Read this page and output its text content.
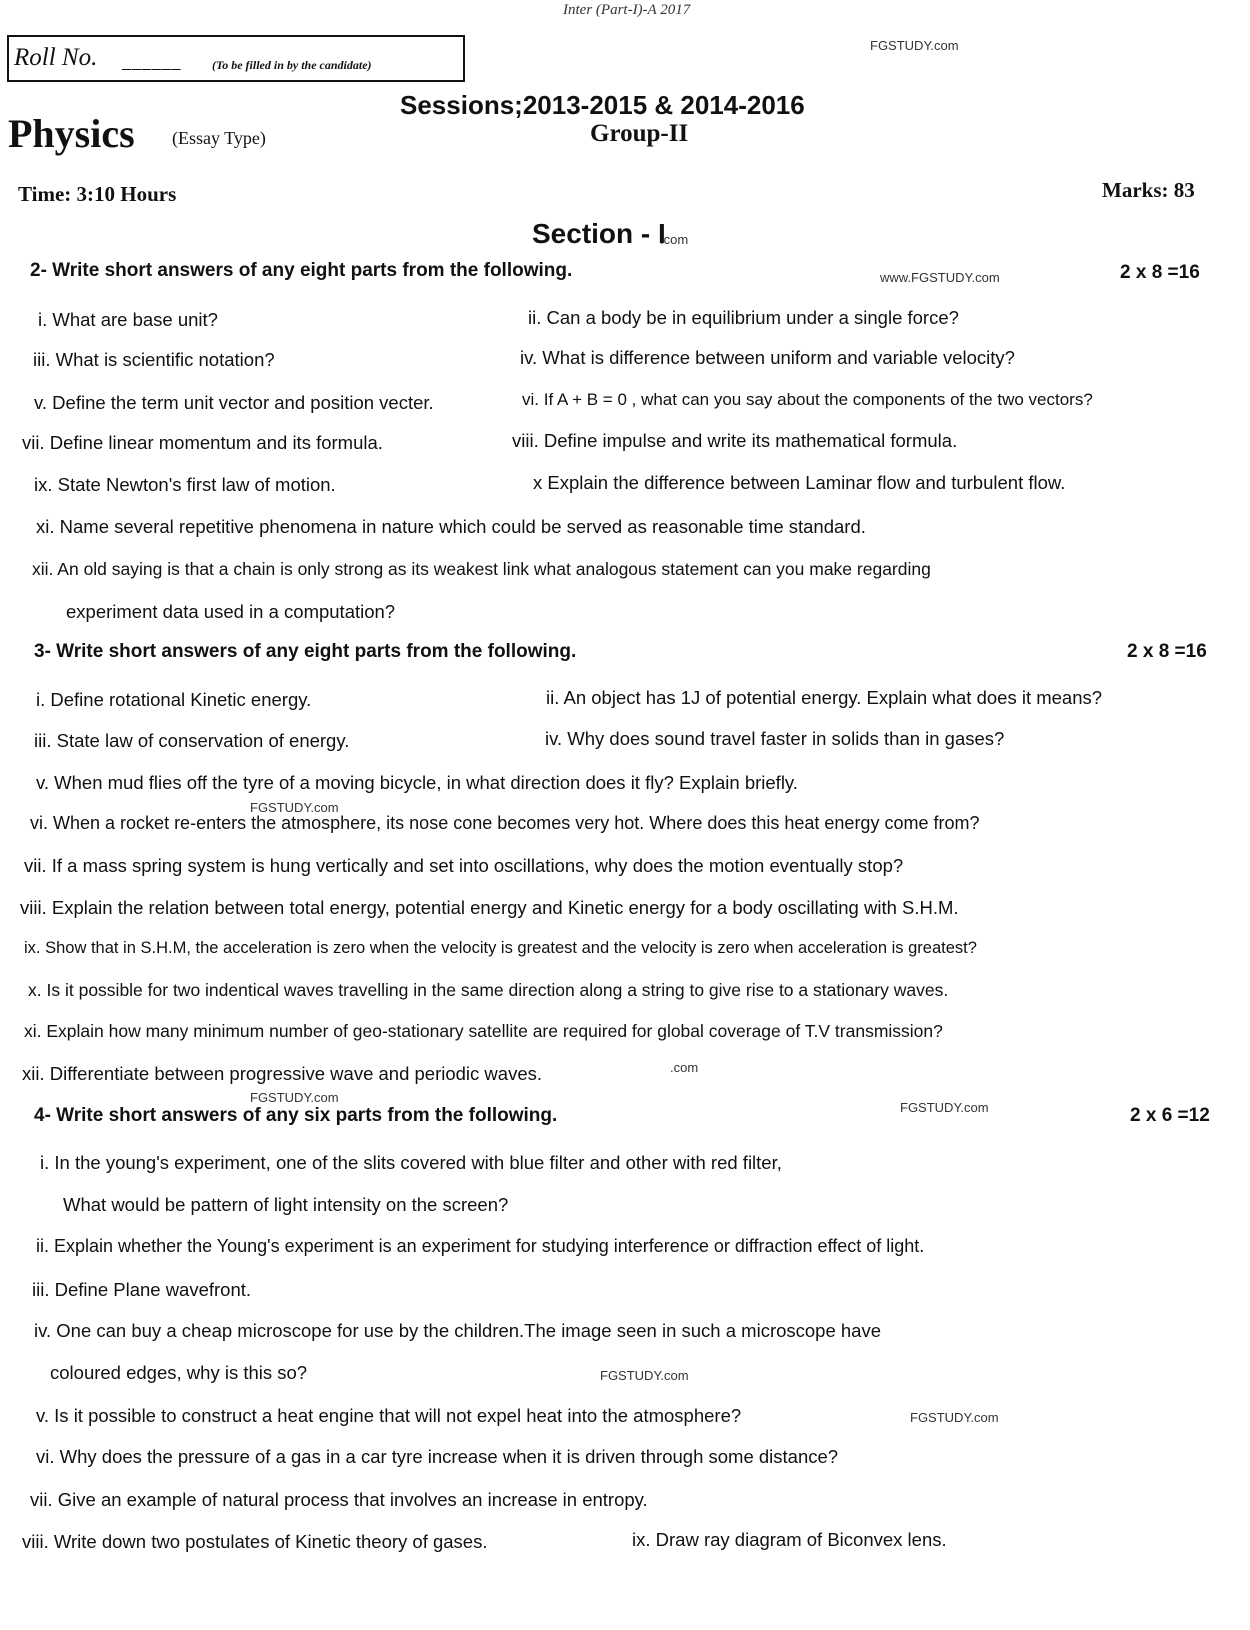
Inter (Part-I)-A 2017
Roll No. ______	(To be filled in by the candidate)
FGSTUDY.com
Sessions;2013-2015 & 2014-2016
Group-II
Physics (Essay Type)
Time: 3:10 Hours	Marks: 83
Section - I
.com
2- Write short answers of any eight parts from the following.	www.FGSTUDY.com	2 x 8 =16
i. What are base unit?	ii. Can a body be in equilibrium under a single force?
iii. What is scientific notation?	iv. What is difference between uniform and variable velocity?
v. Define the term unit vector and position vecter.	vi. If A + B = 0 , what can you say about the components of the two vectors?
vii. Define linear momentum and its formula.	viii. Define impulse and write its mathematical formula.
ix. State Newton's first law of motion.	x Explain the difference between Laminar flow and turbulent flow.
xi. Name several repetitive phenomena in nature which could be served as reasonable time standard.
xii. An old saying is that a chain is only strong as its weakest link what analogous statement can you make regarding
experiment data used in a computation?
3- Write short answers of any eight parts from the following.	2 x 8 =16
i. Define rotational Kinetic energy.	ii. An object has 1J of potential energy. Explain what does it means?
iii. State law of conservation of energy.	iv. Why does sound travel faster in solids than in gases?
v. When mud flies off the tyre of a moving bicycle, in what direction does it fly? Explain briefly.
FGSTUDY.com
vi. When a rocket re-enters the atmosphere, its nose cone becomes very hot. Where does this heat energy come from?
vii. If a mass spring system is hung vertically and set into oscillations, why does the motion eventually stop?
viii. Explain the relation between total energy, potential energy and Kinetic energy for a body oscillating with S.H.M.
ix. Show that in S.H.M, the acceleration is zero when the velocity is greatest and the velocity is zero when acceleration is greatest?
x. Is it possible for two indentical waves travelling in the same direction along a string to give rise to a stationary waves.
xi. Explain how many minimum number of geo-stationary satellite are required for global coverage of T.V transmission?
xii. Differentiate between progressive wave and periodic waves.	.com
FGSTUDY.com
4- Write short answers of any six parts from the following.	FGSTUDY.com	2 x 6 =12
i. In the young's experiment, one of the slits covered with blue filter and other with red filter,
What would be pattern of light intensity on the screen?
ii. Explain whether the Young's experiment is an experiment for studying interference or diffraction effect of light.
iii. Define Plane wavefront.
iv. One can buy a cheap microscope for use by the children.The image seen in such a microscope have
coloured edges, why is this so?	FGSTUDY.com
v. Is it possible to construct a heat engine that will not expel heat into the atmosphere?	FGSTUDY.com
vi. Why does the pressure of a gas in a car tyre increase when it is driven through some distance?
vii. Give an example of natural process that involves an increase in entropy.
viii. Write down two postulates of Kinetic theory of gases.	ix. Draw ray diagram of Biconvex lens.
